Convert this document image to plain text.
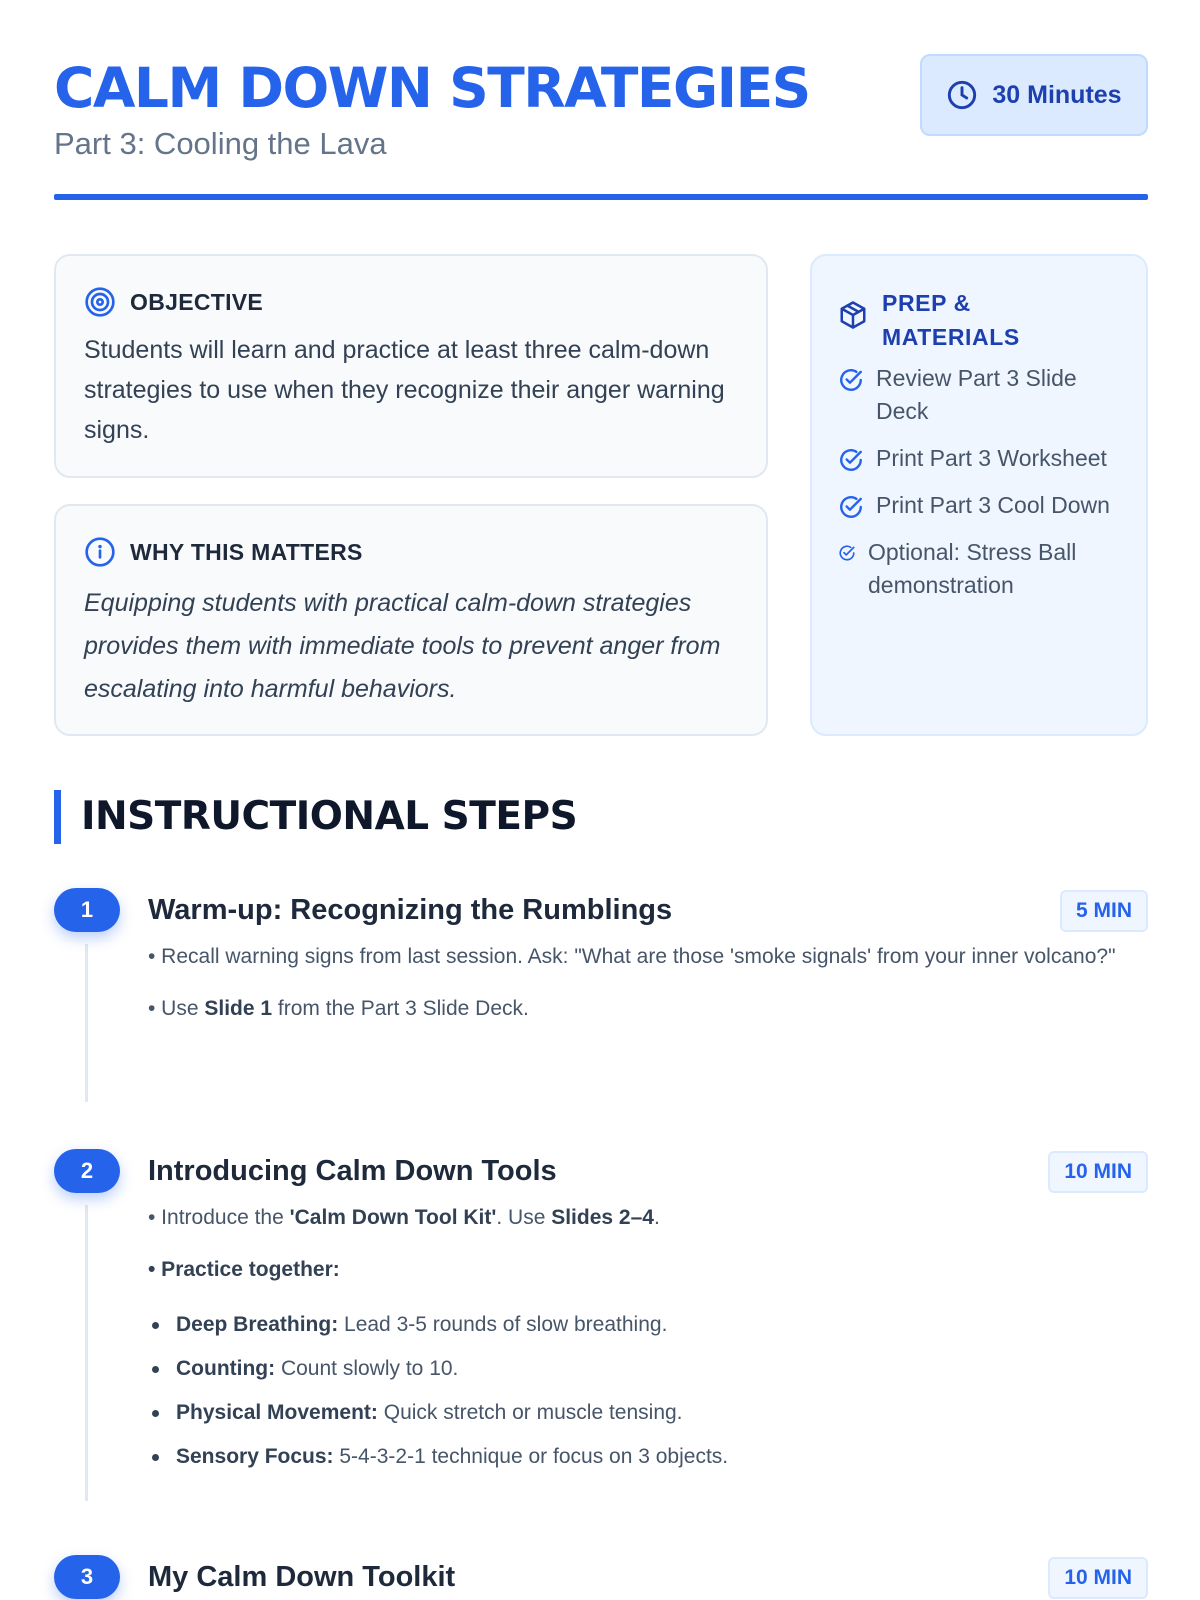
CALM DOWN STRATEGIES
Part 3: Cooling the Lava
30 Minutes
OBJECTIVE
Students will learn and practice at least three calm-down strategies to use when they recognize their anger warning signs.
WHY THIS MATTERS
Equipping students with practical calm-down strategies provides them with immediate tools to prevent anger from escalating into harmful behaviors.
PREP & MATERIALS
Review Part 3 Slide Deck
Print Part 3 Worksheet
Print Part 3 Cool Down
Optional: Stress Ball demonstration
INSTRUCTIONAL STEPS
1	Warm-up: Recognizing the Rumblings	5 MIN
• Recall warning signs from last session. Ask: "What are those 'smoke signals' from your inner volcano?"
• Use Slide 1 from the Part 3 Slide Deck.
2	Introducing Calm Down Tools	10 MIN
• Introduce the 'Calm Down Tool Kit'. Use Slides 2–4.
• Practice together:
Deep Breathing: Lead 3-5 rounds of slow breathing.
Counting: Count slowly to 10.
Physical Movement: Quick stretch or muscle tensing.
Sensory Focus: 5-4-3-2-1 technique or focus on 3 objects.
3	My Calm Down Toolkit	10 MIN
